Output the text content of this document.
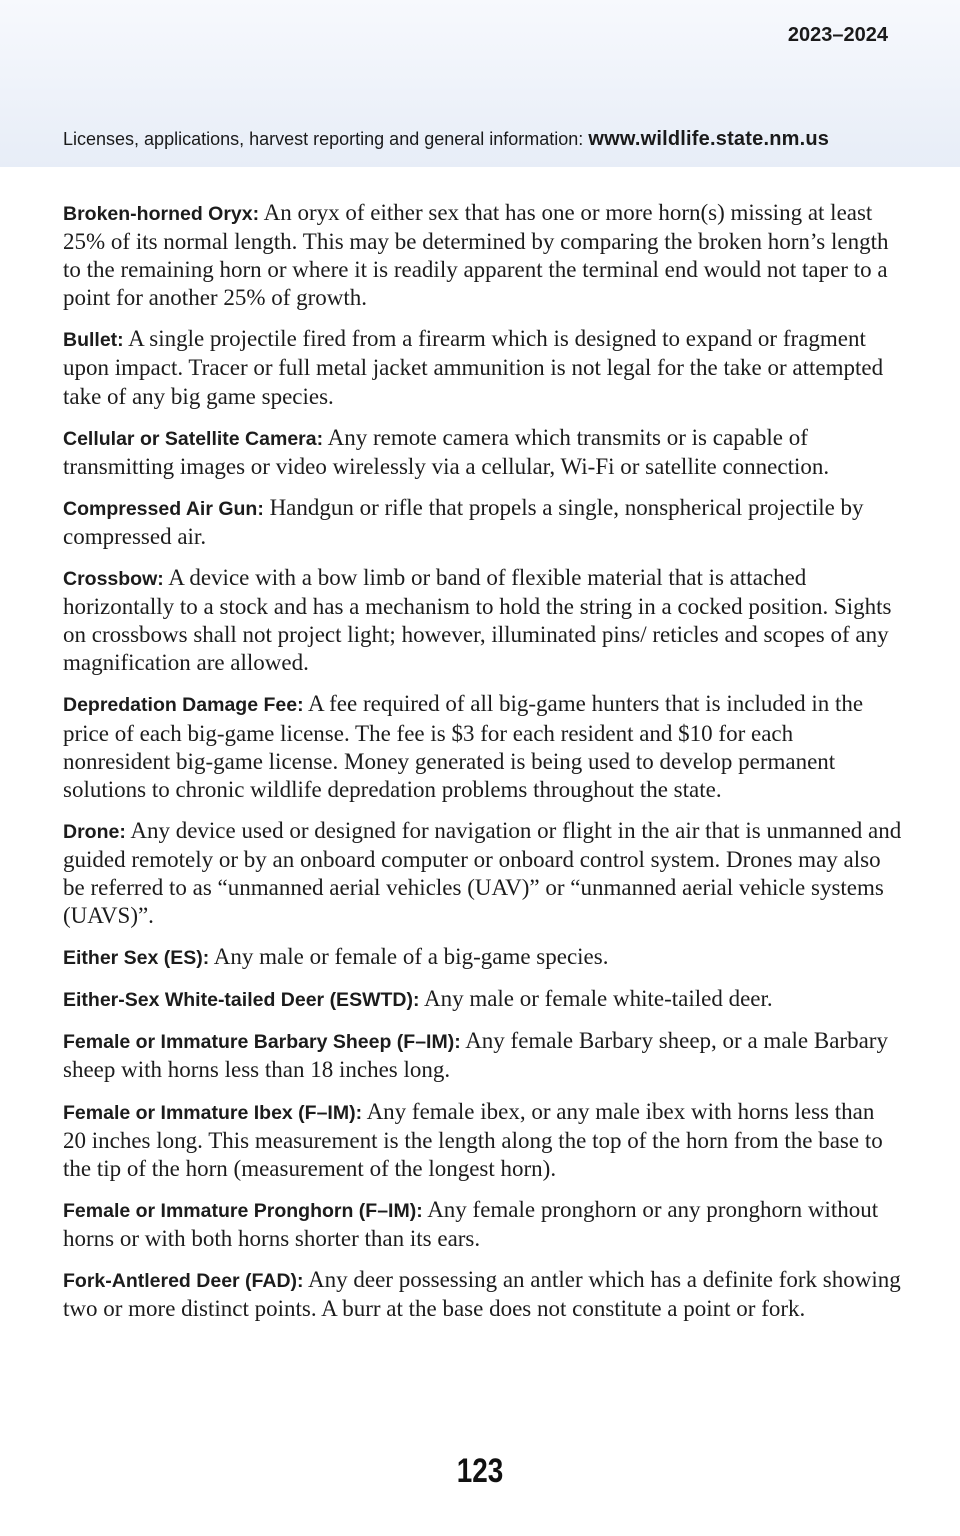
2023–2024
Licenses, applications, harvest reporting and general information: www.wildlife.state.nm.us

Broken-horned Oryx: An oryx of either sex that has one or more horn(s) missing at least 25% of its normal length. This may be determined by comparing the broken horn’s length to the remaining horn or where it is readily apparent the terminal end would not taper to a point for another 25% of growth.

Bullet: A single projectile fired from a firearm which is designed to expand or fragment upon impact. Tracer or full metal jacket ammunition is not legal for the take or attempted take of any big game species.

Cellular or Satellite Camera: Any remote camera which transmits or is capable of transmitting images or video wirelessly via a cellular, Wi-Fi or satellite connection.

Compressed Air Gun: Handgun or rifle that propels a single, nonspherical projectile by compressed air.

Crossbow: A device with a bow limb or band of flexible material that is attached horizontally to a stock and has a mechanism to hold the string in a cocked position. Sights on crossbows shall not project light; however, illuminated pins/ reticles and scopes of any magnification are allowed.

Depredation Damage Fee: A fee required of all big-game hunters that is included in the price of each big-game license. The fee is $3 for each resident and $10 for each nonresident big-game license. Money generated is being used to develop permanent solutions to chronic wildlife depredation problems throughout the state.

Drone: Any device used or designed for navigation or flight in the air that is unmanned and guided remotely or by an onboard computer or onboard control system. Drones may also be referred to as “unmanned aerial vehicles (UAV)” or “unmanned aerial vehicle systems (UAVS)”.

Either Sex (ES): Any male or female of a big-game species.

Either-Sex White-tailed Deer (ESWTD): Any male or female white-tailed deer.

Female or Immature Barbary Sheep (F–IM): Any female Barbary sheep, or a male Barbary sheep with horns less than 18 inches long.

Female or Immature Ibex (F–IM): Any female ibex, or any male ibex with horns less than 20 inches long. This measurement is the length along the top of the horn from the base to the tip of the horn (measurement of the longest horn).

Female or Immature Pronghorn (F–IM): Any female pronghorn or any pronghorn without horns or with both horns shorter than its ears.

Fork-Antlered Deer (FAD): Any deer possessing an antler which has a definite fork showing two or more distinct points. A burr at the base does not constitute a point or fork.

123
